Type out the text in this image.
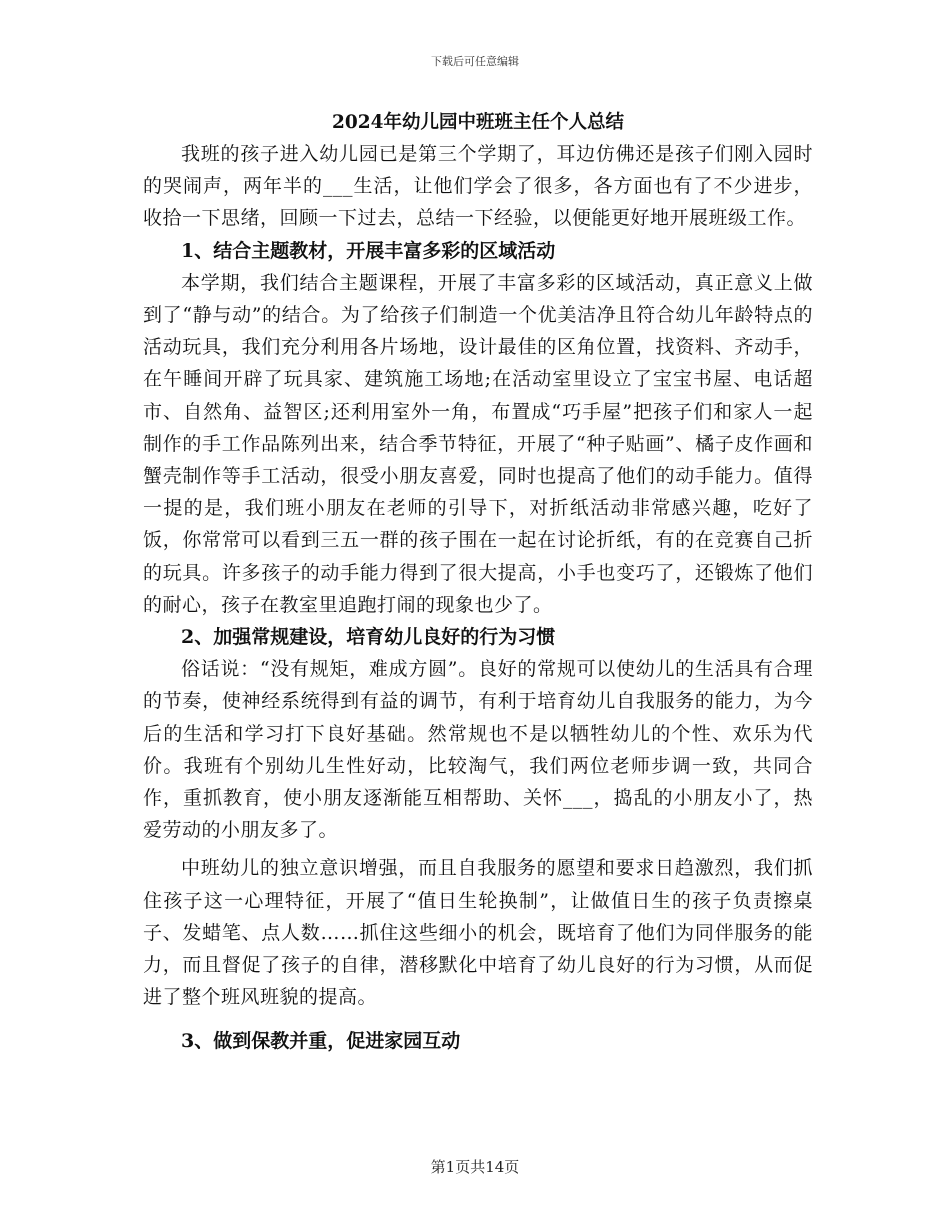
下载后可任意编辑
2024年幼儿园中班班主任个人总结

我班的孩子进入幼儿园已是第三个学期了，耳边仿佛还是孩子们刚入园时的哭闹声，两年半的___生活，让他们学会了很多，各方面也有了不少进步，收拾一下思绪，回顾一下过去，总结一下经验，以便能更好地开展班级工作。

1、结合主题教材，开展丰富多彩的区域活动

本学期，我们结合主题课程，开展了丰富多彩的区域活动，真正意义上做到了“静与动”的结合。为了给孩子们制造一个优美洁净且符合幼儿年龄特点的活动玩具，我们充分利用各片场地，设计最佳的区角位置，找资料、齐动手，在午睡间开辟了玩具家、建筑施工场地;在活动室里设立了宝宝书屋、电话超市、自然角、益智区;还利用室外一角，布置成“巧手屋”把孩子们和家人一起制作的手工作品陈列出来，结合季节特征，开展了“种子贴画”、橘子皮作画和蟹壳制作等手工活动，很受小朋友喜爱，同时也提高了他们的动手能力。值得一提的是，我们班小朋友在老师的引导下，对折纸活动非常感兴趣，吃好了饭，你常常可以看到三五一群的孩子围在一起在讨论折纸，有的在竞赛自己折的玩具。许多孩子的动手能力得到了很大提高，小手也变巧了，还锻炼了他们的耐心，孩子在教室里追跑打闹的现象也少了。

2、加强常规建设，培育幼儿良好的行为习惯

俗话说：“没有规矩，难成方圆”。良好的常规可以使幼儿的生活具有合理的节奏，使神经系统得到有益的调节，有利于培育幼儿自我服务的能力，为今后的生活和学习打下良好基础。然常规也不是以牺牲幼儿的个性、欢乐为代价。我班有个别幼儿生性好动，比较淘气，我们两位老师步调一致，共同合作，重抓教育，使小朋友逐渐能互相帮助、关怀___，捣乱的小朋友小了，热爱劳动的小朋友多了。

中班幼儿的独立意识增强，而且自我服务的愿望和要求日趋激烈，我们抓住孩子这一心理特征，开展了“值日生轮换制”，让做值日生的孩子负责擦桌子、发蜡笔、点人数……抓住这些细小的机会，既培育了他们为同伴服务的能力，而且督促了孩子的自律，潜移默化中培育了幼儿良好的行为习惯，从而促进了整个班风班貌的提高。

3、做到保教并重，促进家园互动

第1页共14页
